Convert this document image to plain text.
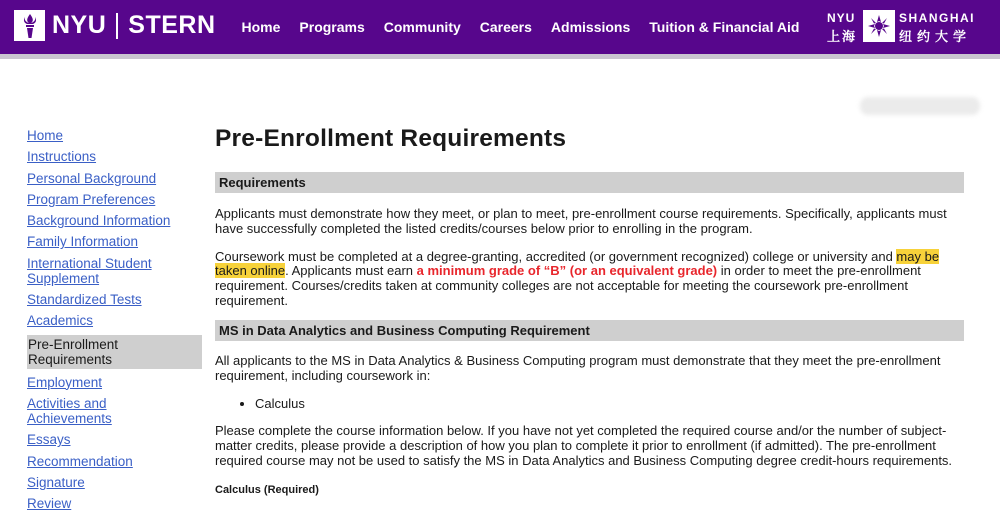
NYU STERN Home Programs Community Careers Admissions Tuition & Financial Aid
NYU
上海
SHANGHAI
纽约大学
Home
Instructions
Personal Background
Program Preferences
Background Information
Family Information
International Student Supplement
Standardized Tests
Academics
Pre-Enrollment Requirements
Employment
Activities and Achievements
Essays
Recommendation
Signature
Review
Pre-Enrollment Requirements
Requirements

Applicants must demonstrate how they meet, or plan to meet, pre-enrollment course requirements. Specifically, applicants must have successfully completed the listed credits/courses below prior to enrolling in the program.

Coursework must be completed at a degree-granting, accredited (or government recognized) college or university and may be taken online. Applicants must earn a minimum grade of “B” (or an equivalent grade) in order to meet the pre-enrollment requirement. Courses/credits taken at community colleges are not acceptable for meeting the coursework pre-enrollment requirement.

MS in Data Analytics and Business Computing Requirement

All applicants to the MS in Data Analytics & Business Computing program must demonstrate that they meet the pre-enrollment requirement, including coursework in:

• Calculus

Please complete the course information below. If you have not yet completed the required course and/or the number of subject-matter credits, please provide a description of how you plan to complete it prior to enrollment (if admitted). The pre-enrollment required course may not be used to satisfy the MS in Data Analytics and Business Computing degree credit-hours requirements.

Calculus (Required)
